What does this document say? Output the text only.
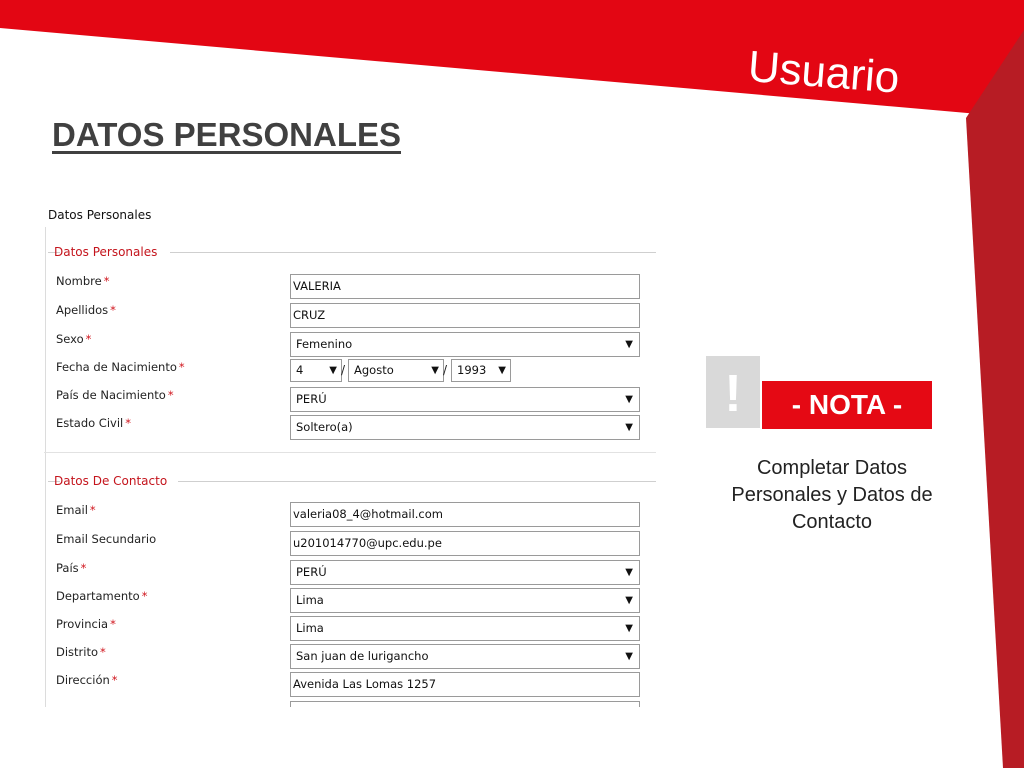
Usuario
DATOS PERSONALES
Datos Personales
Datos Personales
Nombre *	VALERIA
Apellidos *	CRUZ
Sexo *	Femenino	▼
Fecha de Nacimiento *	4	▼ / Agosto	▼ / 1993 ▼
País de Nacimiento *	PERÚ	▼
Estado Civil *	Soltero(a)	▼
Datos De Contacto
Email *	valeria08_4@hotmail.com
Email Secundario	u201014770@upc.edu.pe
País *	PERÚ	▼
Departamento *	Lima	▼
Provincia *	Lima	▼
Distrito *	San juan de lurigancho	▼
Dirección *	Avenida Las Lomas 1257
!	- NOTA -
Completar Datos Personales y Datos de Contacto
